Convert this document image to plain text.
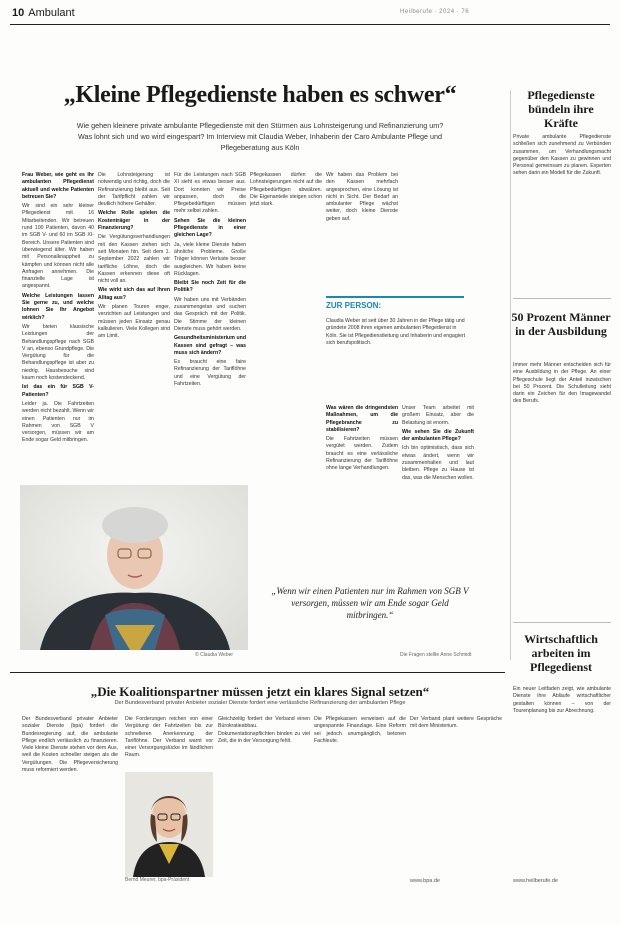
10 Ambulant	Heilberufe · 2024 · 76
„Kleine Pflegedienste haben es schwer“
Wie gehen kleinere private ambulante Pflegedienste mit den Stürmen aus Lohnsteigerung und Refinanzierung um? Was lohnt sich und wo wird eingespart? Im Interview mit Claudia Weber, Inhaberin der Caro Ambulante Pflege und Pflegeberatung aus Köln

Frau Weber, wie geht es Ihr ambulanten Pflegedienst aktuell und welche Patienten betreuen Sie?

Wir sind ein sehr kleiner Pflegedienst mit 16 Mitarbeitenden. Wir betreuen rund 100 Patienten, davon 40 im SGB V- und 60 im SGB XI-Bereich. Unsere Patienten sind überwiegend älter. Wir haben mit Personalknappheit zu kämpfen und können nicht alle Anfragen annehmen. Die finanzielle Lage ist angespannt.

Welche Leistungen lassen Sie gerne zu, und welche lohnen Sie Ihr Angebot wirklich?

Wir bieten klassische Leistungen der Behandlungspflege nach SGB V an, ebenso Grundpflege. Die Vergütung für die Behandlungspflege ist aber zu niedrig. Hausbesuche sind kaum noch kostendeckend.

Ist das ein für SGB V-Patienten?

Leider ja. Die Fahrtzeiten werden nicht bezahlt. Wenn wir einen Patienten nur im Rahmen von SGB V versorgen, müssen wir am Ende sogar Geld mitbringen.

Die Lohnsteigerung ist notwendig und richtig, doch die Refinanzierung bleibt aus. Seit der Tarifpflicht zahlen wir deutlich höhere Gehälter.

Welche Rolle spielen die Kostenträger in der Finanzierung?

Die Vergütungsverhandlungen mit den Kassen ziehen sich seit Monaten hin. Seit dem 1. September 2022 zahlen wir tarifliche Löhne, doch die Kassen erkennen diese oft nicht voll an.

Wie wirkt sich das auf Ihren Alltag aus?

Wir planen Touren enger, verzichten auf Leistungen und müssen jeden Einsatz genau kalkulieren. Viele Kollegen sind am Limit.

Für die Leistungen nach SGB XI sieht es etwas besser aus. Dort konnten wir Preise anpassen, doch die Pflegebedürftigen müssen mehr selbst zahlen.

Sehen Sie die kleinen Pflegedienste in einer gleichen Lage?

Ja, viele kleine Dienste haben ähnliche Probleme. Große Träger können Verluste besser ausgleichen. Wir haben keine Rücklagen.

Bleibt Sie noch Zeit für die Politik?

Wir haben uns mit Verbänden zusammengetan und suchen das Gespräch mit der Politik. Die Stimme der kleinen Dienste muss gehört werden.

Gesundheitsministerium und Kassen sind gefragt – was muss sich ändern?

Es braucht eine faire Refinanzierung der Tariflöhne und eine Vergütung der Fahrtzeiten.

Pflegekassen dürfen die Lohnsteigerungen nicht auf die Pflegebedürftigen abwälzen. Die Eigenanteile steigen schon jetzt stark.

Wir haben das Problem bei den Kassen mehrfach angesprochen, eine Lösung ist nicht in Sicht. Der Bedarf an ambulanter Pflege wächst weiter, doch kleine Dienste geben auf.

ZUR PERSON:
Claudia Weber ist seit über 30 Jahren in der Pflege tätig und gründete 2008 ihren eigenen ambulanten Pflegedienst in Köln. Sie ist Pflegedienstleitung und Inhaberin und engagiert sich berufspolitisch.

Was wären die dringendsten Maßnahmen, um die Pflegebranche zu stabilisieren?

Die Fahrtzeiten müssen vergütet werden. Zudem braucht es eine verlässliche Refinanzierung der Tariflöhne ohne lange Verhandlungen.

Unser Team arbeitet mit großem Einsatz, aber die Belastung ist enorm.

Wie sehen Sie die Zukunft der ambulanten Pflege?

Ich bin optimistisch, dass sich etwas ändert, wenn wir zusammenhalten und laut bleiben. Pflege zu Hause ist das, was die Menschen wollen.

© Claudia Weber
„Wenn wir einen Patienten nur im Rahmen von SGB V versorgen, müssen wir am Ende sogar Geld mitbringen.“
Die Fragen stellte Anne Schmidt
Pflegedienste bündeln ihre Kräfte
Private ambulante Pflegedienste schließen sich zunehmend zu Verbünden zusammen, um Verhandlungsmacht gegenüber den Kassen zu gewinnen und Personal gemeinsam zu planen. Experten sehen darin ein Modell für die Zukunft.
50 Prozent Männer in der Ausbildung
Immer mehr Männer entscheiden sich für eine Ausbildung in der Pflege. An einer Pflegeschule liegt der Anteil inzwischen bei 50 Prozent. Die Schulleitung sieht darin ein Zeichen für den Imagewandel des Berufs.
Wirtschaftlich arbeiten im Pflegedienst
Ein neuer Leitfaden zeigt, wie ambulante Dienste ihre Abläufe wirtschaftlicher gestalten können – von der Tourenplanung bis zur Abrechnung.
www.heilberufe.de
„Die Koalitionspartner müssen jetzt ein klares Signal setzen“
Der Bundesverband privater Anbieter sozialer Dienste fordert eine verlässliche Refinanzierung der ambulanten Pflege
Der Bundesverband privater Anbieter sozialer Dienste (bpa) fordert die Bundesregierung auf, die ambulante Pflege endlich verlässlich zu finanzieren. Viele kleine Dienste stehen vor dem Aus, weil die Kosten schneller steigen als die Vergütungen. Die Pflegeversicherung muss reformiert werden.
Die Forderungen reichen von einer Vergütung der Fahrtzeiten bis zur schnelleren Anerkennung der Tariflöhne. Der Verband warnt vor einer Versorgungslücke im ländlichen Raum.
Bernd Meurer, bpa-Präsident
Gleichzeitig fordert der Verband einen Bürokratieabbau. Dokumentationspflichten binden zu viel Zeit, die in der Versorgung fehlt.
Die Pflegekassen verweisen auf die angespannte Finanzlage. Eine Reform sei jedoch unumgänglich, betonen Fachleute.
Der Verband plant weitere Gespräche mit dem Ministerium.
www.bpa.de
